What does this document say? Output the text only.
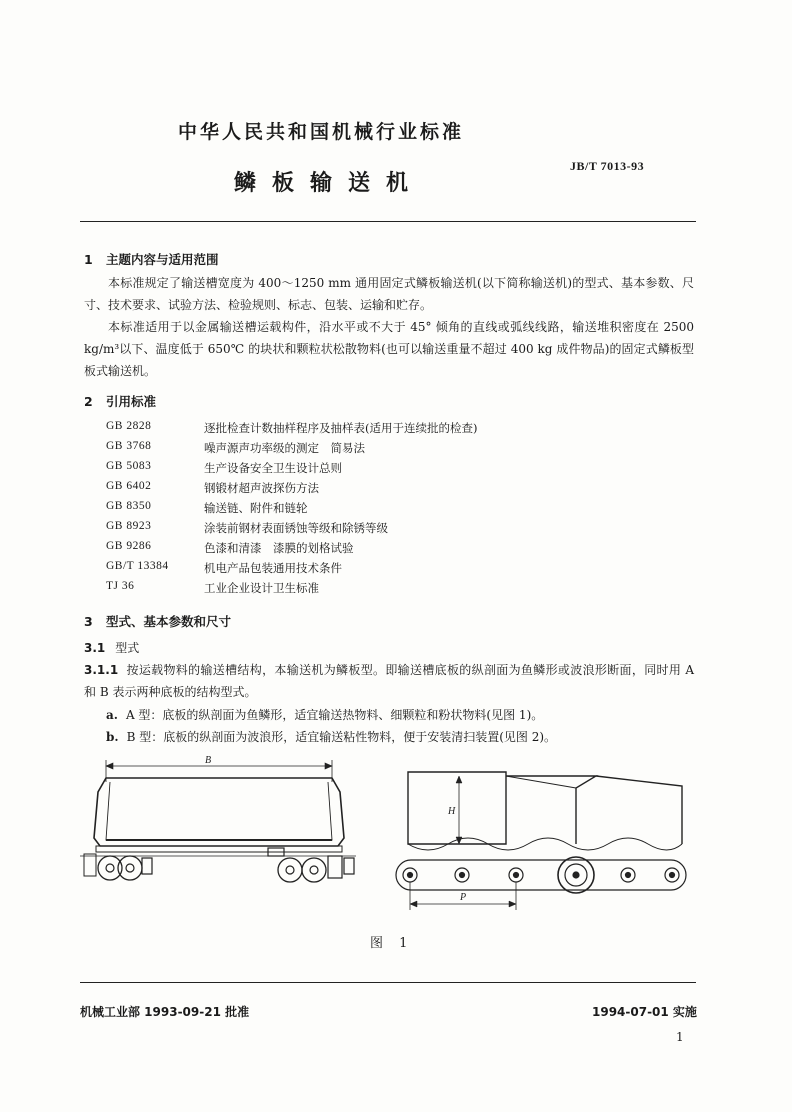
中华人民共和国机械行业标准
JB/T 7013-93
鳞板输送机
1 主题内容与适用范围

本标准规定了输送槽宽度为 400～1250 mm 通用固定式鳞板输送机(以下简称输送机)的型式、基本参数、尺寸、技术要求、试验方法、检验规则、标志、包装、运输和贮存。

本标准适用于以金属输送槽运载构件，沿水平或不大于 45° 倾角的直线或弧线线路，输送堆积密度在 2500 kg/m³以下、温度低于 650℃ 的块状和颗粒状松散物料(也可以输送重量不超过 400 kg 成件物品)的固定式鳞板型板式输送机。

2 引用标准
GB 2828	逐批检查计数抽样程序及抽样表(适用于连续批的检查)
GB 3768	噪声源声功率级的测定　简易法
GB 5083	生产设备安全卫生设计总则
GB 6402	钢锻材超声波探伤方法
GB 8350	输送链、附件和链轮
GB 8923	涂装前钢材表面锈蚀等级和除锈等级
GB 9286	色漆和清漆　漆膜的划格试验
GB/T 13384	机电产品包装通用技术条件
TJ 36	工业企业设计卫生标准
3 型式、基本参数和尺寸
3.1 型式
3.1.1 按运载物料的输送槽结构，本输送机为鳞板型。即输送槽底板的纵剖面为鱼鳞形或波浪形断面，同时用 A 和 B 表示两种底板的结构型式。
a. A 型：底板的纵剖面为鱼鳞形，适宜输送热物料、细颗粒和粉状物料(见图 1)。
b. B 型：底板的纵剖面为波浪形，适宜输送粘性物料，便于安装清扫装置(见图 2)。
B
H
P
图 1
机械工业部 1993-09-21 批准	1994-07-01 实施
1
